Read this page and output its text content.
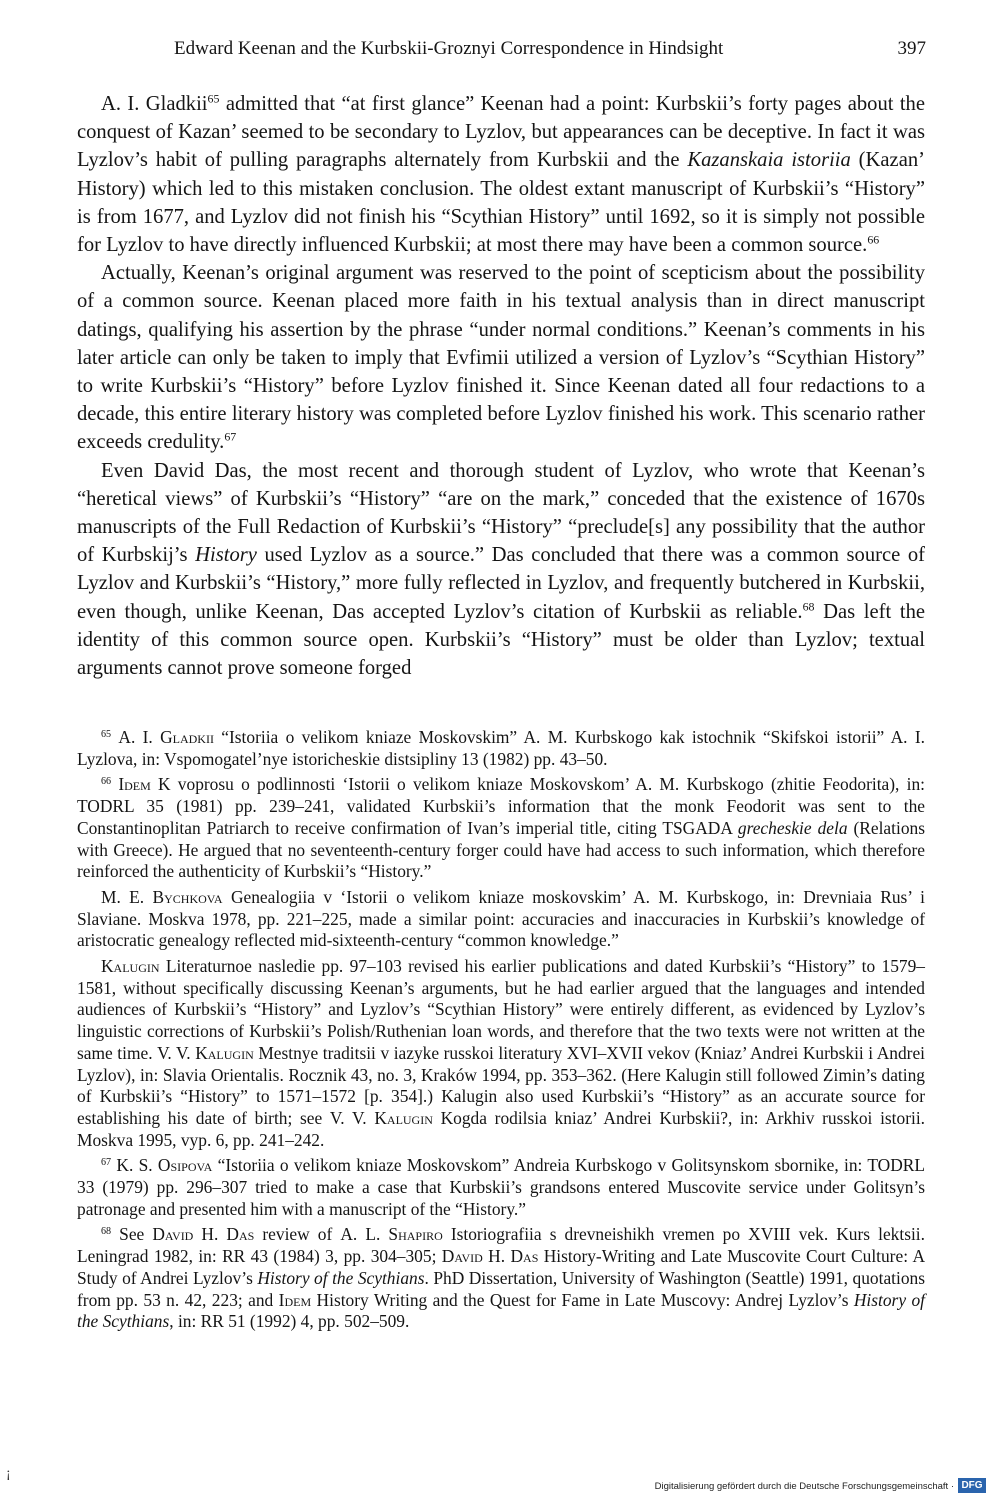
Edward Keenan and the Kurbskii-Groznyi Correspondence in Hindsight	397

A. I. Gladkii$^{65}$ admitted that “at first glance” Keenan had a point: Kurbskii’s forty pages about the conquest of Kazan’ seemed to be secondary to Lyzlov, but appearances can be deceptive. In fact it was Lyzlov’s habit of pulling paragraphs alternately from Kurbskii and the Kazanskaia istoriia (Kazan’ History) which led to this mistaken conclusion. The oldest extant manuscript of Kurbskii’s “History” is from 1677, and Lyzlov did not finish his “Scythian History” until 1692, so it is simply not possible for Lyzlov to have directly influenced Kurbskii; at most there may have been a common source.$^{66}$

Actually, Keenan’s original argument was reserved to the point of scepticism about the possibility of a common source. Keenan placed more faith in his textual analysis than in direct manuscript datings, qualifying his assertion by the phrase “under normal conditions.” Keenan’s comments in his later article can only be taken to imply that Evfimii utilized a version of Lyzlov’s “Scythian History” to write Kurbskii’s “History” before Lyzlov finished it. Since Keenan dated all four redactions to a decade, this entire literary history was completed before Lyzlov finished his work. This scenario rather exceeds credulity.$^{67}$

Even David Das, the most recent and thorough student of Lyzlov, who wrote that Keenan’s “heretical views” of Kurbskii’s “History” “are on the mark,” conceded that the existence of 1670s manuscripts of the Full Redaction of Kurbskii’s “History” “preclude[s] any possibility that the author of Kurbskij’s History used Lyzlov as a source.” Das concluded that there was a common source of Lyzlov and Kurbskii’s “History,” more fully reflected in Lyzlov, and frequently butchered in Kurbskii, even though, unlike Keenan, Das accepted Lyzlov’s citation of Kurbskii as reliable.$^{68}$ Das left the identity of this common source open. Kurbskii’s “History” must be older than Lyzlov; textual arguments cannot prove someone forged

$^{65}$ A. I. Gladkii “Istoriia o velikom kniaze Moskovskim” A. M. Kurbskogo kak istochnik “Skifskoi istorii” A. I. Lyzlova, in: Vspomogatel’nye istoricheskie distsipliny 13 (1982) pp. 43–50.

$^{66}$ Idem K voprosu o podlinnosti ‘Istorii o velikom kniaze Moskovskom’ A. M. Kurbskogo (zhitie Feodorita), in: TODRL 35 (1981) pp. 239–241, validated Kurbskii’s information that the monk Feodorit was sent to the Constantinoplitan Patriarch to receive confirmation of Ivan’s imperial title, citing TSGADA grecheskie dela (Relations with Greece). He argued that no seventeenth-century forger could have had access to such information, which therefore reinforced the authenticity of Kurbskii’s “History.”

M. E. Bychkova Genealogiia v ‘Istorii o velikom kniaze moskovskim’ A. M. Kurbskogo, in: Drevniaia Rus’ i Slaviane. Moskva 1978, pp. 221–225, made a similar point: accuracies and inaccuracies in Kurbskii’s knowledge of aristocratic genealogy reflected mid-sixteenth-century “common knowledge.”

Kalugin Literaturnoe nasledie pp. 97–103 revised his earlier publications and dated Kurbskii’s “History” to 1579–1581, without specifically discussing Keenan’s arguments, but he had earlier argued that the languages and intended audiences of Kurbskii’s “History” and Lyzlov’s “Scythian History” were entirely different, as evidenced by Lyzlov’s linguistic corrections of Kurbskii’s Polish/Ruthenian loan words, and therefore that the two texts were not written at the same time. V. V. Kalugin Mestnye traditsii v iazyke russkoi literatury XVI–XVII vekov (Kniaz’ Andrei Kurbskii i Andrei Lyzlov), in: Slavia Orientalis. Rocznik 43, no. 3, Kraków 1994, pp. 353–362. (Here Kalugin still followed Zimin’s dating of Kurbskii’s “History” to 1571–1572 [p. 354].) Kalugin also used Kurbskii’s “History” as an accurate source for establishing his date of birth; see V. V. Kalugin Kogda rodilsia kniaz’ Andrei Kurbskii?, in: Arkhiv russkoi istorii. Moskva 1995, vyp. 6, pp. 241–242.

$^{67}$ K. S. Osipova “Istoriia o velikom kniaze Moskovskom” Andreia Kurbskogo v Golitsynskom sbornike, in: TODRL 33 (1979) pp. 296–307 tried to make a case that Kurbskii’s grandsons entered Muscovite service under Golitsyn’s patronage and presented him with a manuscript of the “History.”

$^{68}$ See David H. Das review of A. L. Shapiro Istoriografiia s drevneishikh vremen po XVIII vek. Kurs lektsii. Leningrad 1982, in: RR 43 (1984) 3, pp. 304–305; David H. Das History-Writing and Late Muscovite Court Culture: A Study of Andrei Lyzlov’s History of the Scythians. PhD Dissertation, University of Washington (Seattle) 1991, quotations from pp. 53 n. 42, 223; and Idem History Writing and the Quest for Fame in Late Muscovy: Andrej Lyzlov’s History of the Scythians, in: RR 51 (1992) 4, pp. 502–509.

¡
Digitalisierung gefördert durch die Deutsche Forschungsgemeinschaft · DFG
